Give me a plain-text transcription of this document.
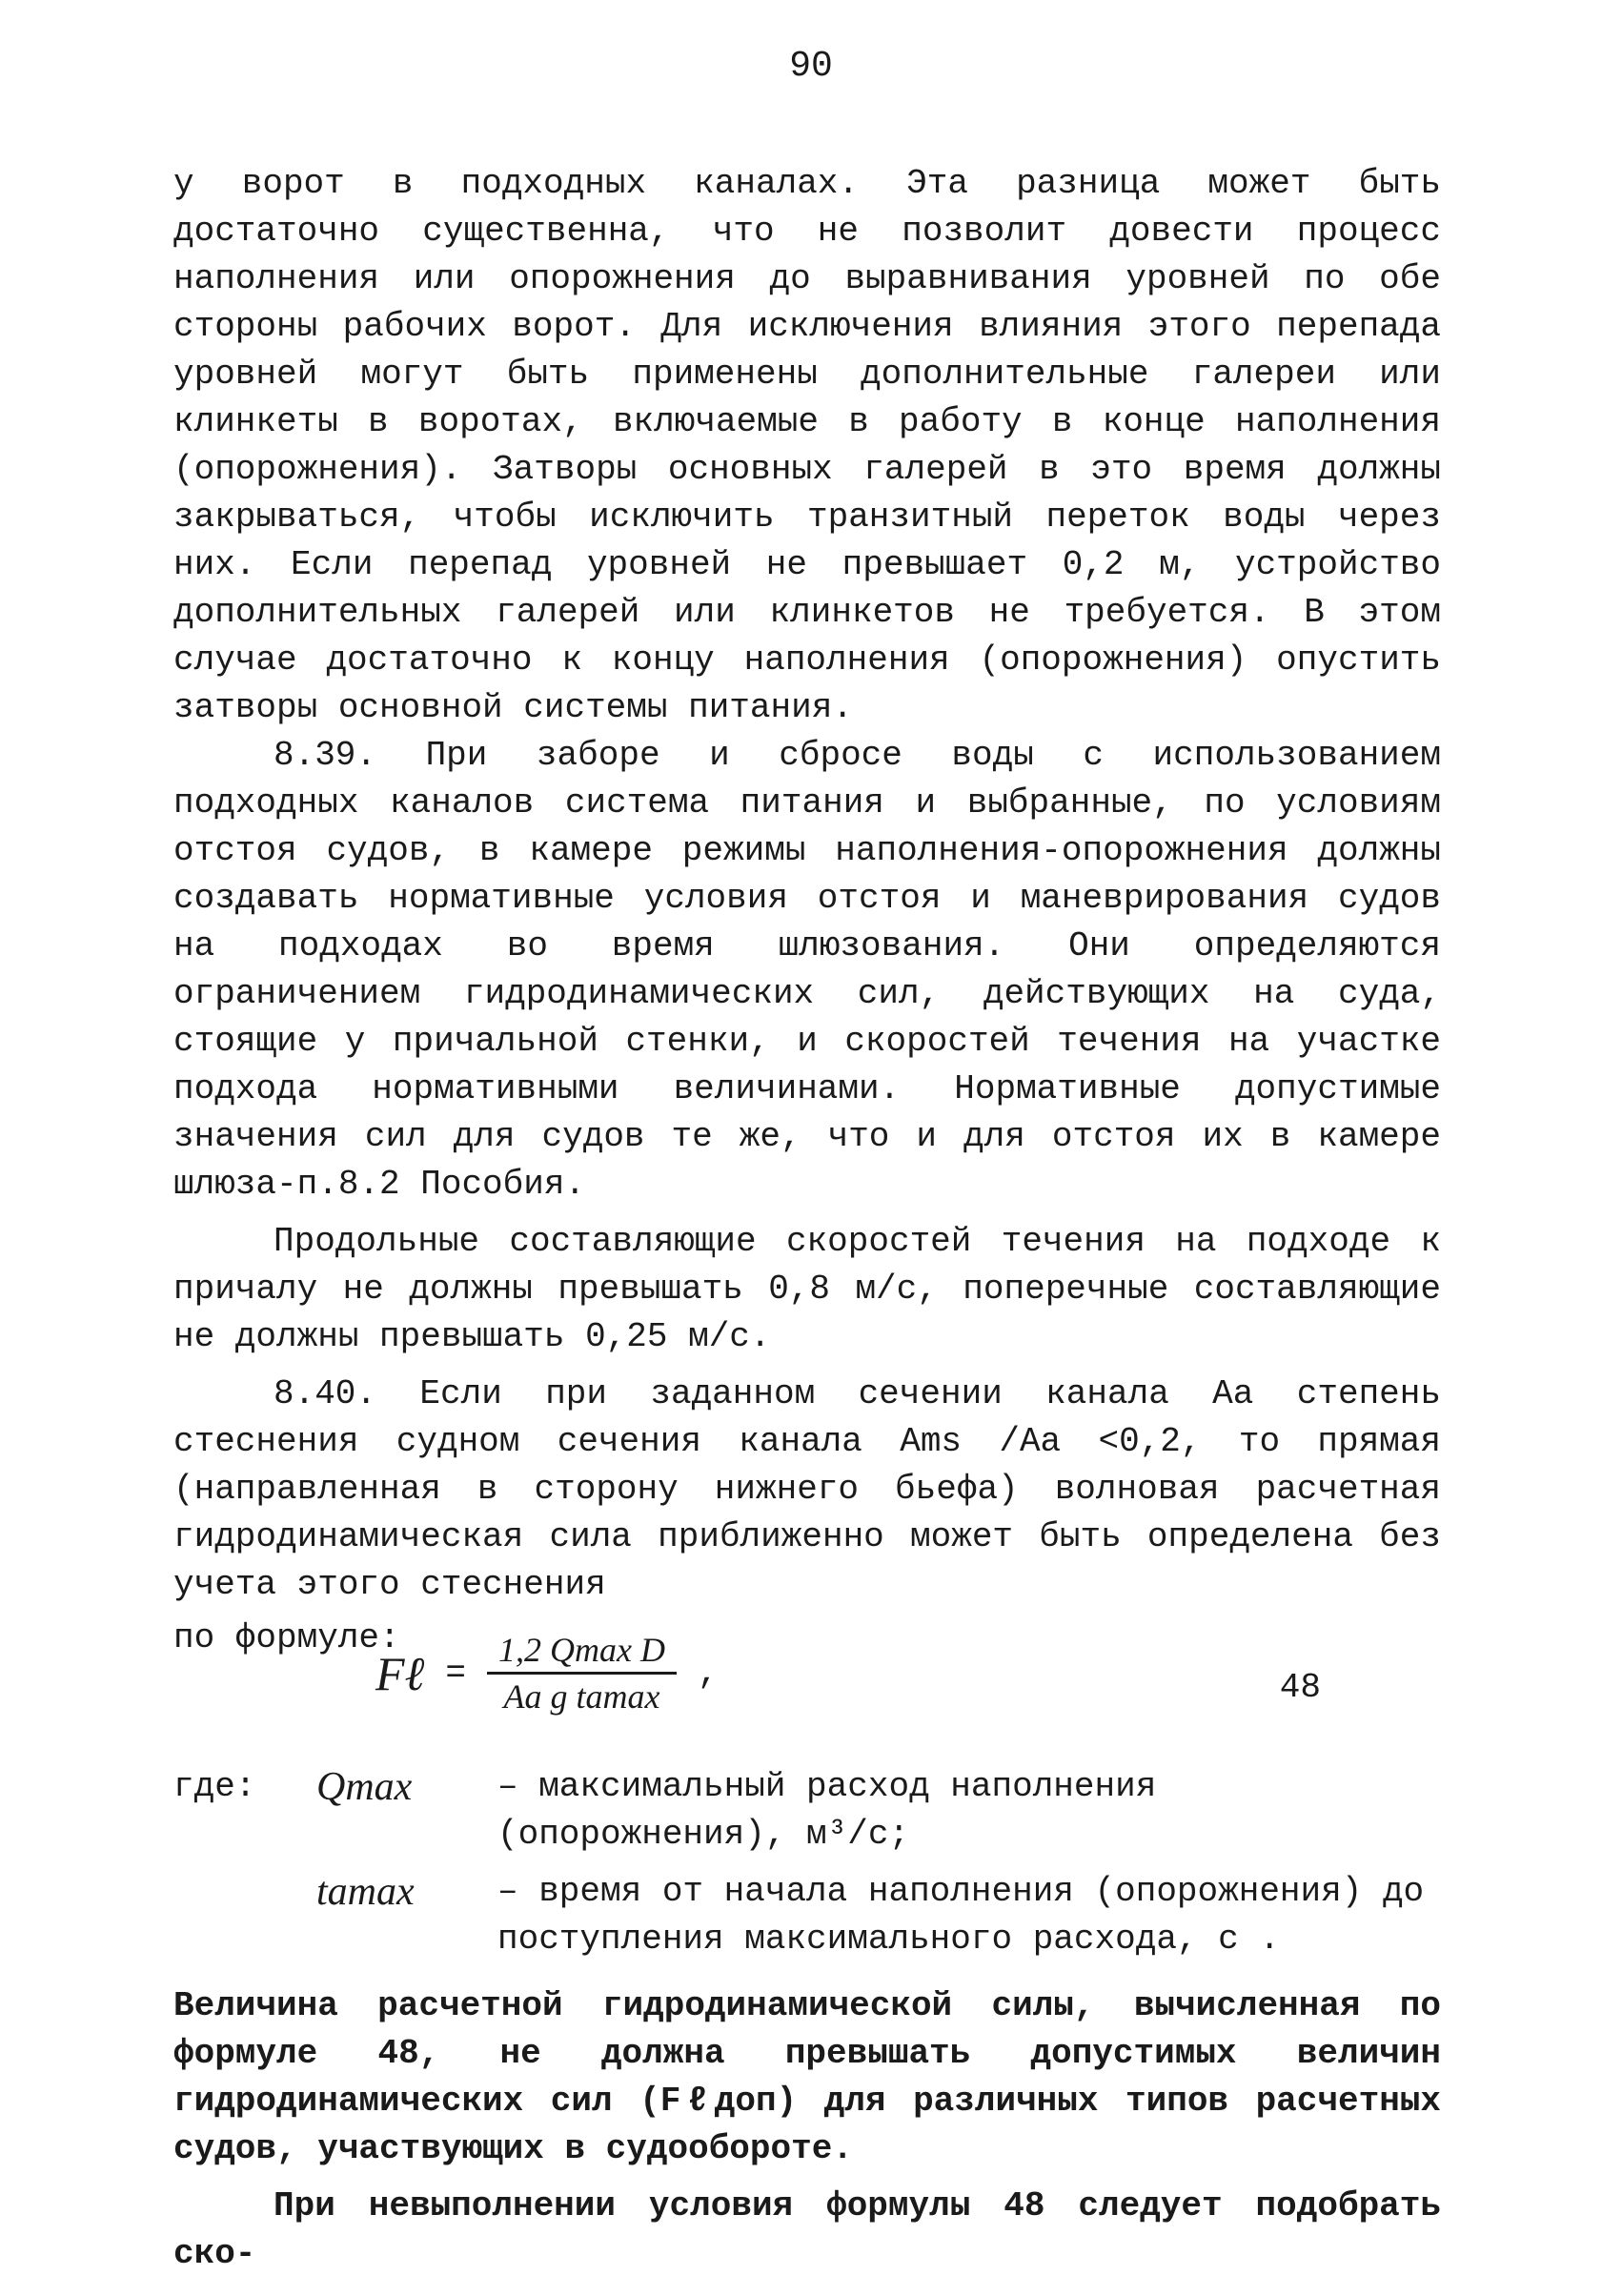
90

у ворот в подходных каналах. Эта разница может быть достаточно существенна, что не позволит довести процесс наполнения или опорожнения до выравнивания уровней по обе стороны рабочих ворот. Для исключения влияния этого перепада уровней могут быть применены дополнительные галереи или клинкеты в воротах, включаемые в работу в конце наполнения (опорожнения). Затворы основных галерей в это время должны закрываться, чтобы исключить транзитный переток воды через них. Если перепад уровней не превышает 0,2 м, устройство дополнительных галерей или клинкетов не требуется. В этом случае достаточно к концу наполнения (опорожнения) опустить затворы основной системы питания.

8.39. При заборе и сбросе воды с использованием подходных каналов система питания и выбранные, по условиям отстоя судов, в камере режимы наполнения-опорожнения должны создавать нормативные условия отстоя и маневрирования судов на подходах во время шлюзования. Они определяются ограничением гидродинамических сил, действующих на суда, стоящие у причальной стенки, и скоростей течения на участке подхода нормативными величинами. Нормативные допустимые значения сил для судов те же, что и для отстоя их в камере шлюза-п.8.2 Пособия.

Продольные составляющие скоростей течения на подходе к причалу не должны превышать 0,8 м/с, поперечные составляющие не должны превышать 0,25 м/с.

8.40. Если при заданном сечении канала Aа степень стеснения судном сечения канала Ams /Aа <0,2, то прямая (направленная в сторону нижнего бьефа) волновая расчетная гидродинамическая сила приближенно может быть определена без учета этого стеснения

по формуле:
Fℓ = $\frac{\text{1,2 Qmax D}}{\text{Aа g tаmax}}$ ,	48
где:	Qmax	– максимальный расход наполнения (опорожнения), м³/с;
tаmax	– время от начала наполнения (опорожнения) до поступления максимального расхода, с .

Величина расчетной гидродинамической силы, вычисленная по формуле 48, не должна превышать допустимых величин гидродинамических сил (Fℓдоп) для различных типов расчетных судов, участвующих в судообороте.

При невыполнении условия формулы 48 следует подобрать ско-
